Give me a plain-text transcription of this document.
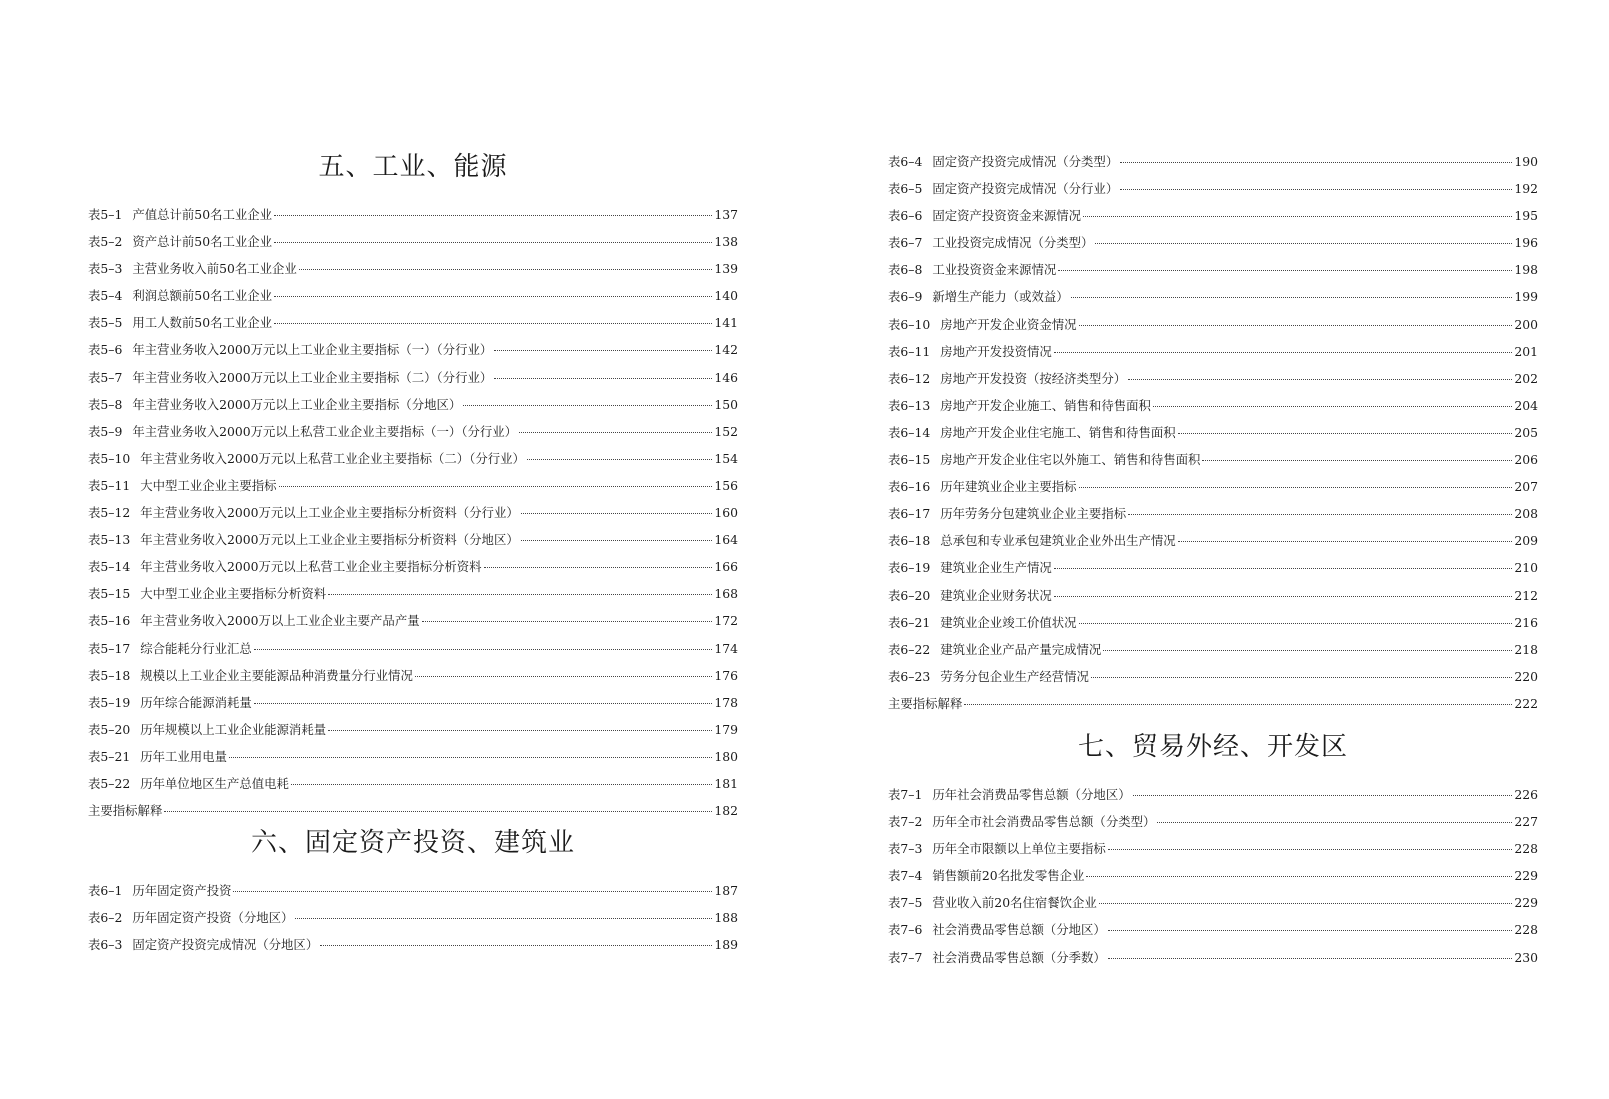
五、工业、能源
表5–1 产值总计前50名工业企业	137
表5–2 资产总计前50名工业企业	138
表5–3 主营业务收入前50名工业企业	139
表5–4 利润总额前50名工业企业	140
表5–5 用工人数前50名工业企业	141
表5–6 年主营业务收入2000万元以上工业企业主要指标（一）（分行业）	142
表5–7 年主营业务收入2000万元以上工业企业主要指标（二）（分行业）	146
表5–8 年主营业务收入2000万元以上工业企业主要指标（分地区）	150
表5–9 年主营业务收入2000万元以上私营工业企业主要指标（一）（分行业）	152
表5–10 年主营业务收入2000万元以上私营工业企业主要指标（二）（分行业）	154
表5–11 大中型工业企业主要指标	156
表5–12 年主营业务收入2000万元以上工业企业主要指标分析资料（分行业）	160
表5–13 年主营业务收入2000万元以上工业企业主要指标分析资料（分地区）	164
表5–14 年主营业务收入2000万元以上私营工业企业主要指标分析资料	166
表5–15 大中型工业企业主要指标分析资料	168
表5–16 年主营业务收入2000万以上工业企业主要产品产量	172
表5–17 综合能耗分行业汇总	174
表5–18 规模以上工业企业主要能源品种消费量分行业情况	176
表5–19 历年综合能源消耗量	178
表5–20 历年规模以上工业企业能源消耗量	179
表5–21 历年工业用电量	180
表5–22 历年单位地区生产总值电耗	181
主要指标解释	182
六、固定资产投资、建筑业
表6–1 历年固定资产投资	187
表6–2 历年固定资产投资（分地区）	188
表6–3 固定资产投资完成情况（分地区）	189
表6–4 固定资产投资完成情况（分类型）	190
表6–5 固定资产投资完成情况（分行业）	192
表6–6 固定资产投资资金来源情况	195
表6–7 工业投资完成情况（分类型）	196
表6–8 工业投资资金来源情况	198
表6–9 新增生产能力（或效益）	199
表6–10 房地产开发企业资金情况	200
表6–11 房地产开发投资情况	201
表6–12 房地产开发投资（按经济类型分）	202
表6–13 房地产开发企业施工、销售和待售面积	204
表6–14 房地产开发企业住宅施工、销售和待售面积	205
表6–15 房地产开发企业住宅以外施工、销售和待售面积	206
表6–16 历年建筑业企业主要指标	207
表6–17 历年劳务分包建筑业企业主要指标	208
表6–18 总承包和专业承包建筑业企业外出生产情况	209
表6–19 建筑业企业生产情况	210
表6–20 建筑业企业财务状况	212
表6–21 建筑业企业竣工价值状况	216
表6–22 建筑业企业产品产量完成情况	218
表6–23 劳务分包企业生产经营情况	220
主要指标解释	222
七、贸易外经、开发区
表7–1 历年社会消费品零售总额（分地区）	226
表7–2 历年全市社会消费品零售总额（分类型）	227
表7–3 历年全市限额以上单位主要指标	228
表7–4 销售额前20名批发零售企业	229
表7–5 营业收入前20名住宿餐饮企业	229
表7–6 社会消费品零售总额（分地区）	228
表7–7 社会消费品零售总额（分季数）	230
